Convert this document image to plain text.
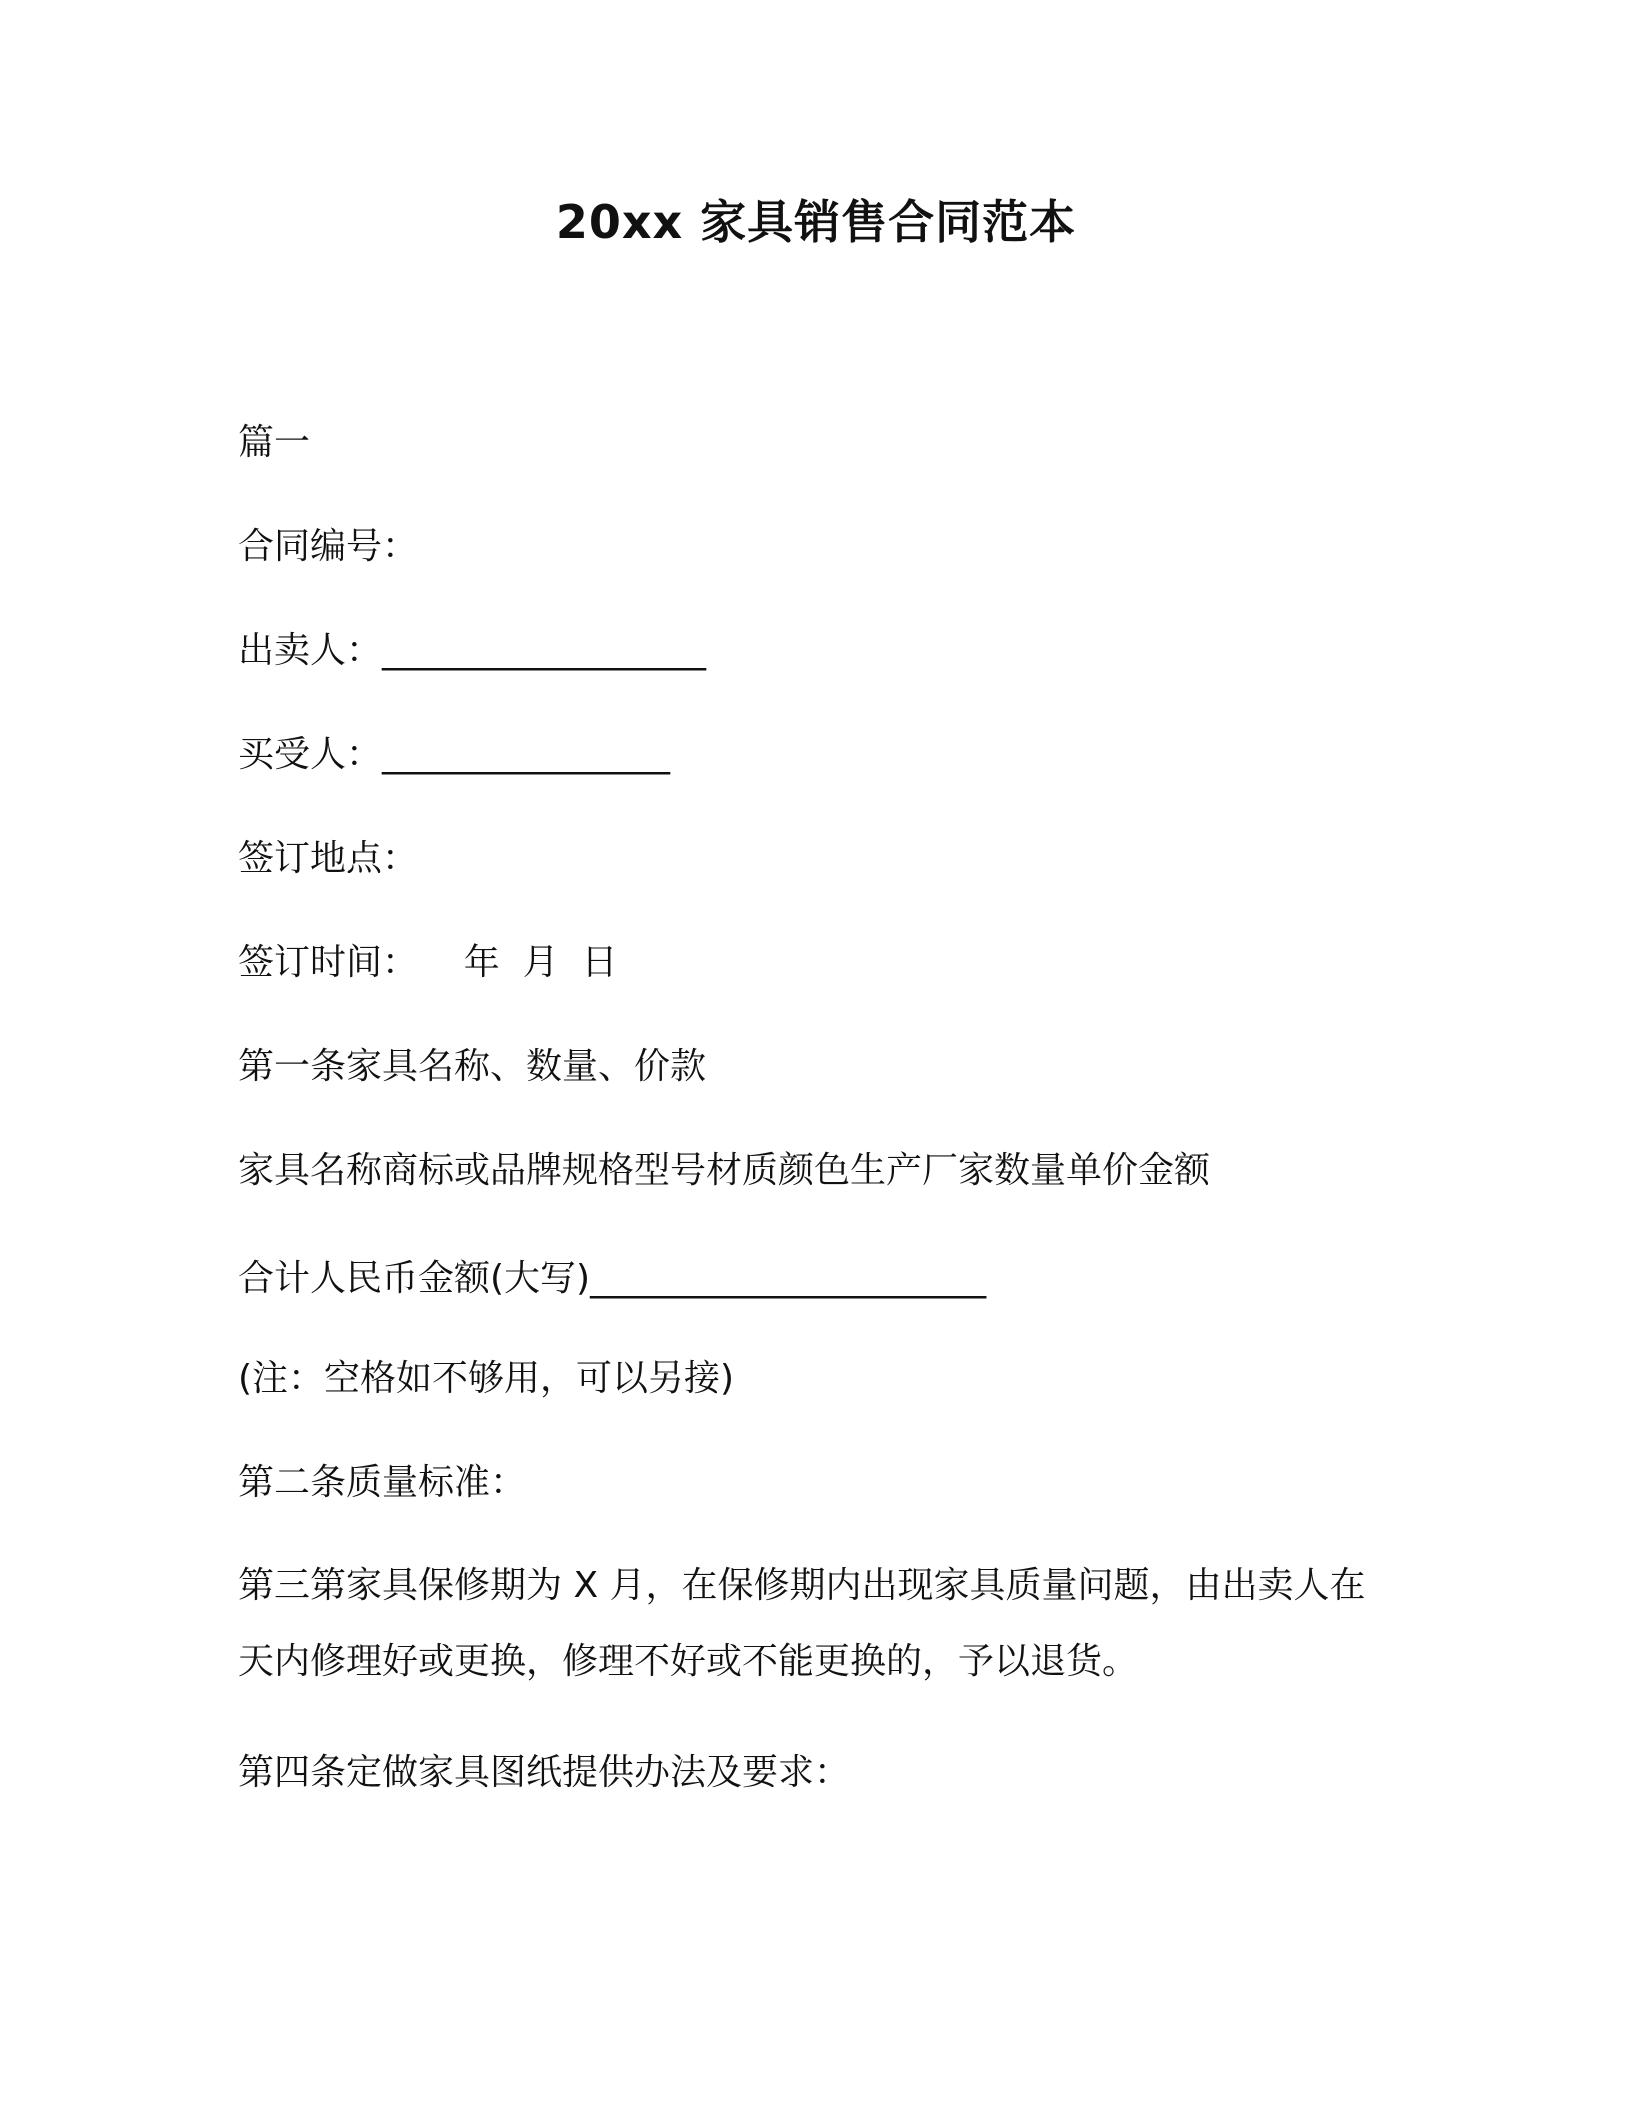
20xx 家具销售合同范本
篇一
合同编号：
出卖人：__________________
买受人：________________
签订地点：
签订时间：    年  月  日
第一条家具名称、数量、价款
家具名称商标或品牌规格型号材质颜色生产厂家数量单价金额
合计人民币金额(大写)______________________
(注：空格如不够用，可以另接)
第二条质量标准：
第三第家具保修期为 X 月，在保修期内出现家具质量问题，由出卖人在天内修理好或更换，修理不好或不能更换的，予以退货。
第四条定做家具图纸提供办法及要求：
